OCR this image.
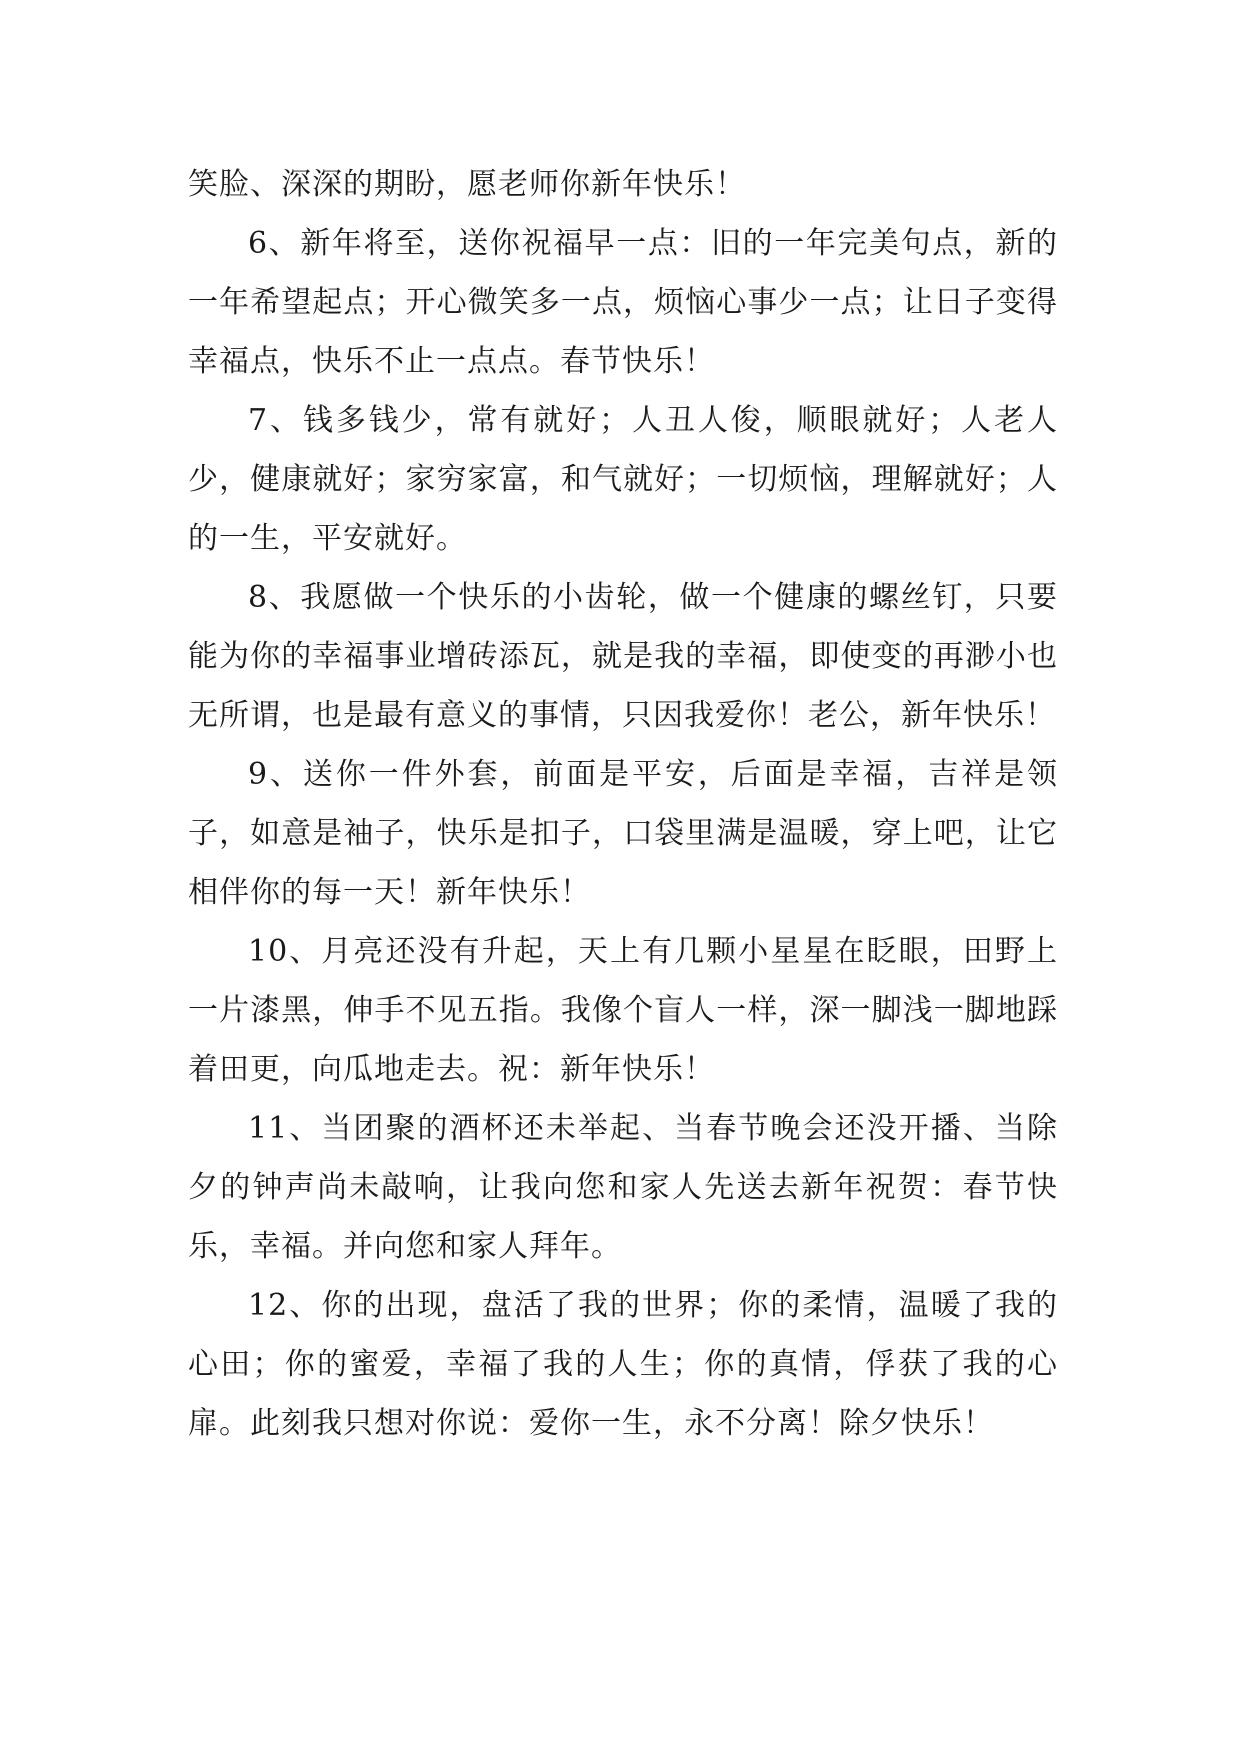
笑脸、深深的期盼，愿老师你新年快乐！

6、新年将至，送你祝福早一点：旧的一年完美句点，新的一年希望起点；开心微笑多一点，烦恼心事少一点；让日子变得幸福点，快乐不止一点点。春节快乐！

7、钱多钱少，常有就好；人丑人俊，顺眼就好；人老人少，健康就好；家穷家富，和气就好；一切烦恼，理解就好；人的一生，平安就好。

8、我愿做一个快乐的小齿轮，做一个健康的螺丝钉，只要能为你的幸福事业增砖添瓦，就是我的幸福，即使变的再渺小也无所谓，也是最有意义的事情，只因我爱你！老公，新年快乐！

9、送你一件外套，前面是平安，后面是幸福，吉祥是领子，如意是袖子，快乐是扣子，口袋里满是温暖，穿上吧，让它相伴你的每一天！新年快乐！

10、月亮还没有升起，天上有几颗小星星在眨眼，田野上一片漆黑，伸手不见五指。我像个盲人一样，深一脚浅一脚地踩着田更，向瓜地走去。祝：新年快乐！

11、当团聚的酒杯还未举起、当春节晚会还没开播、当除夕的钟声尚未敲响，让我向您和家人先送去新年祝贺：春节快乐，幸福。并向您和家人拜年。

12、你的出现，盘活了我的世界；你的柔情，温暖了我的心田；你的蜜爱，幸福了我的人生；你的真情，俘获了我的心扉。此刻我只想对你说：爱你一生，永不分离！除夕快乐！
